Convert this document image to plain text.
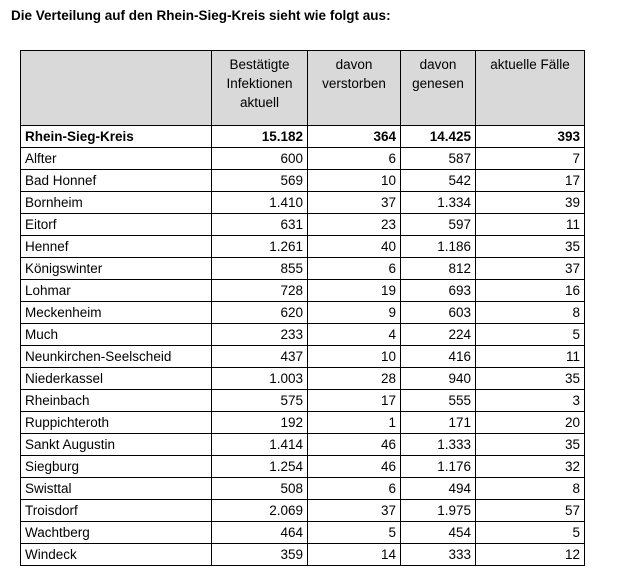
Die Verteilung auf den Rhein-Sieg-Kreis sieht wie folgt aus:
	Bestätigte Infektionen aktuell	davon verstorben	davon genesen	aktuelle Fälle
Rhein-Sieg-Kreis	15.182	364	14.425	393
Alfter	600	6	587	7
Bad Honnef	569	10	542	17
Bornheim	1.410	37	1.334	39
Eitorf	631	23	597	11
Hennef	1.261	40	1.186	35
Königswinter	855	6	812	37
Lohmar	728	19	693	16
Meckenheim	620	9	603	8
Much	233	4	224	5
Neunkirchen-Seelscheid	437	10	416	11
Niederkassel	1.003	28	940	35
Rheinbach	575	17	555	3
Ruppichteroth	192	1	171	20
Sankt Augustin	1.414	46	1.333	35
Siegburg	1.254	46	1.176	32
Swisttal	508	6	494	8
Troisdorf	2.069	37	1.975	57
Wachtberg	464	5	454	5
Windeck	359	14	333	12
